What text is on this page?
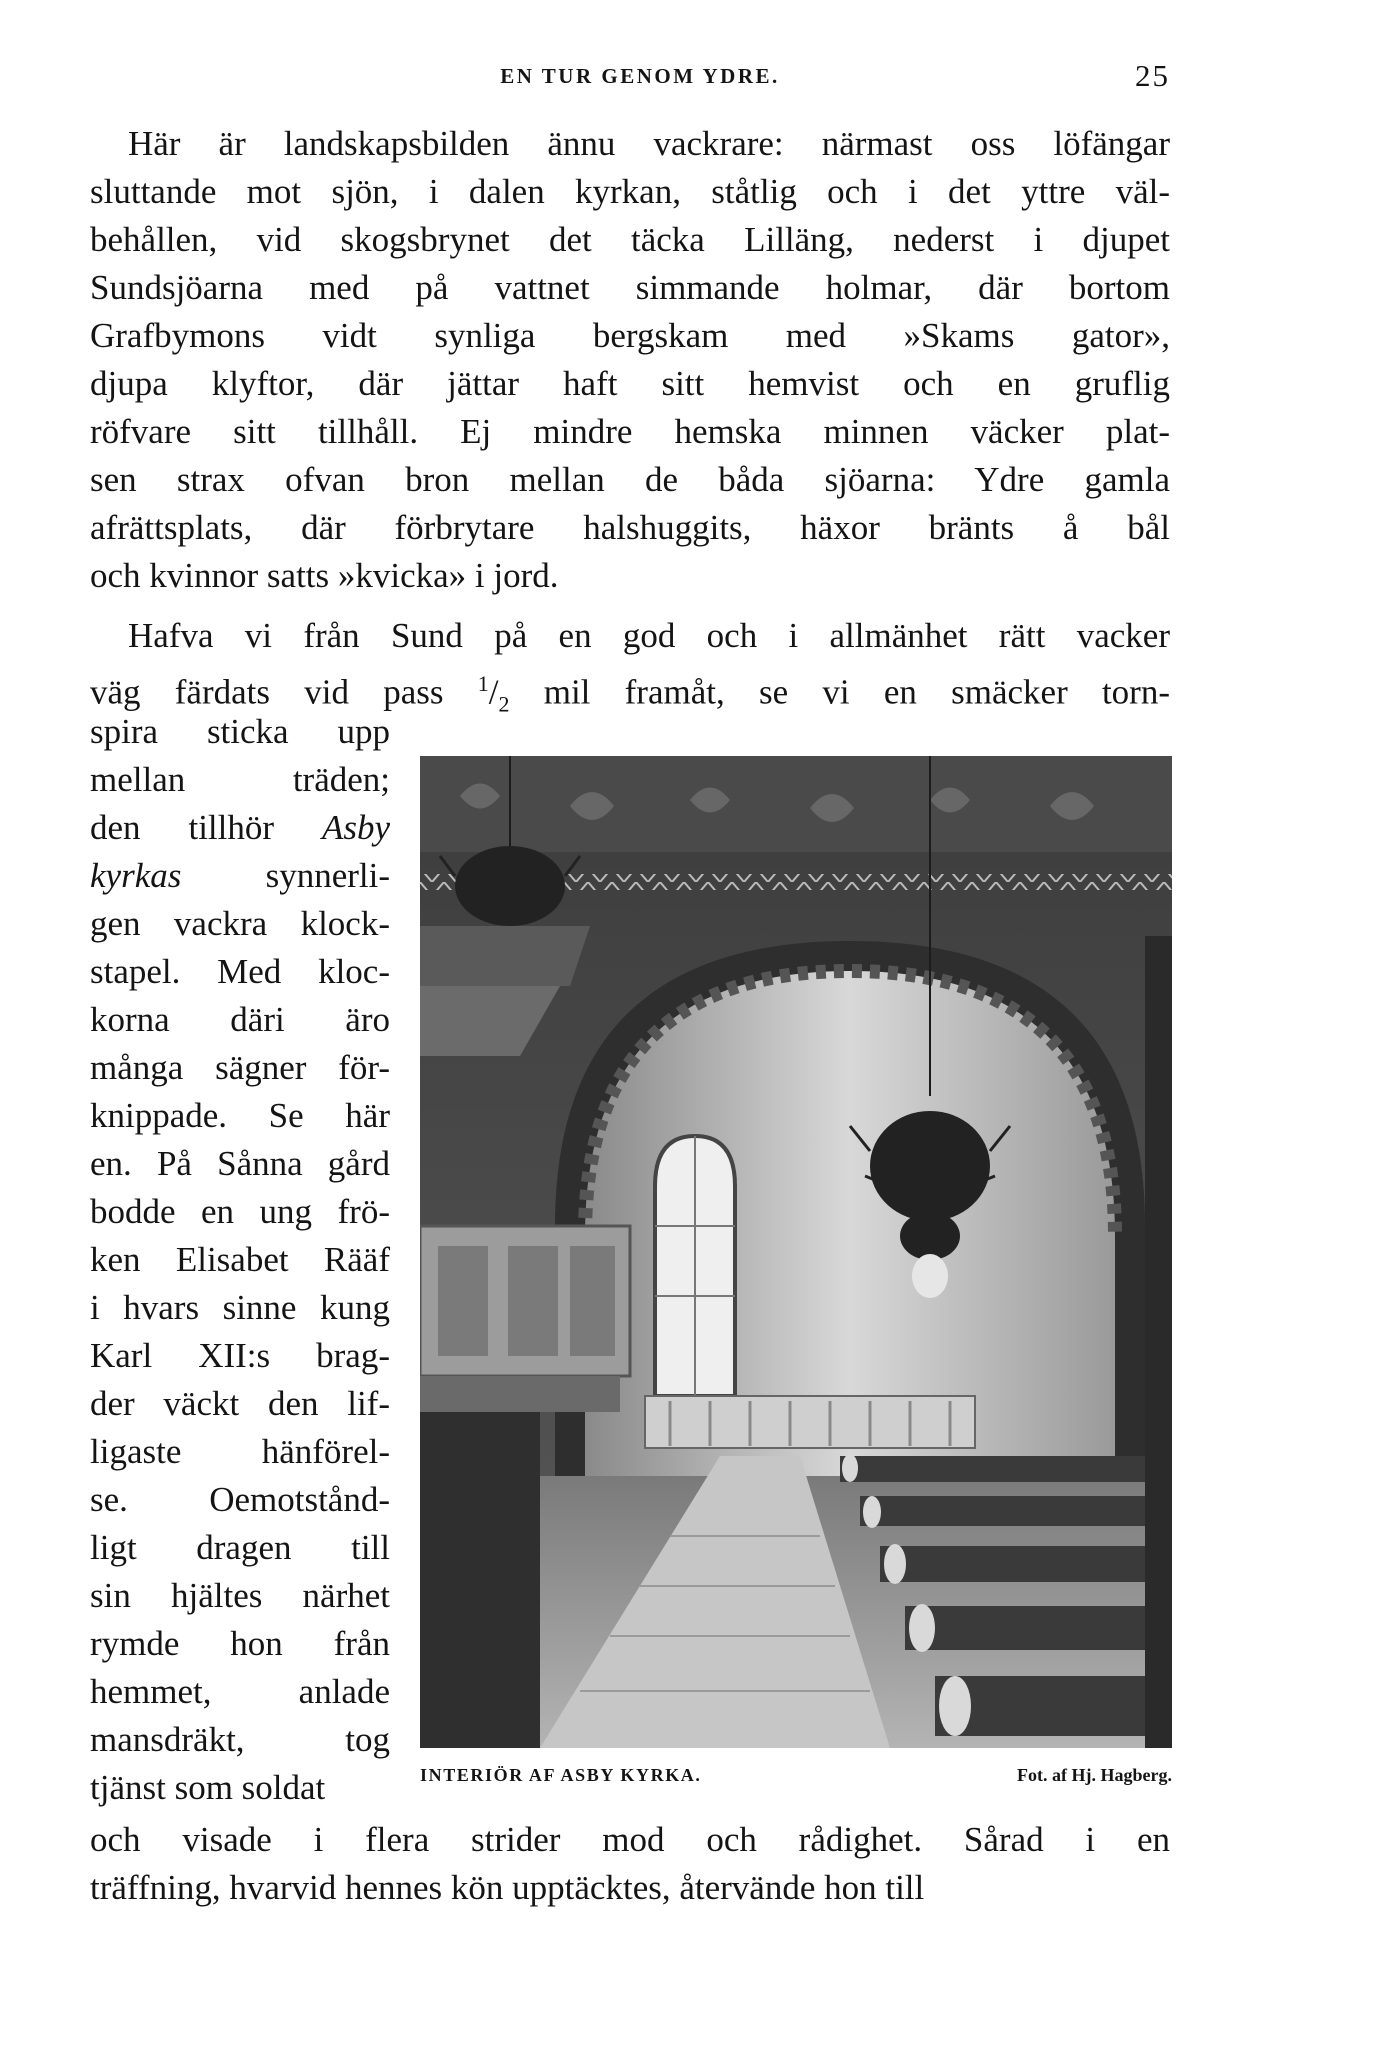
EN TUR GENOM YDRE.	25

Här är landskapsbilden ännu vackrare: närmast oss löfängar

sluttande mot sjön, i dalen kyrkan, ståtlig och i det yttre väl-

behållen, vid skogsbrynet det täcka Lilläng, nederst i djupet

Sundsjöarna med på vattnet simmande holmar, där bortom

Grafbymons vidt synliga bergskam med »Skams gator»,

djupa klyftor, där jättar haft sitt hemvist och en gruflig

röfvare sitt tillhåll. Ej mindre hemska minnen väcker plat-

sen strax ofvan bron mellan de båda sjöarna: Ydre gamla

afrättsplats, där förbrytare halshuggits, häxor bränts å bål

och kvinnor satts »kvicka» i jord.

Hafva vi från Sund på en god och i allmänhet rätt vacker

väg färdats vid pass $^1/_2$ mil framåt, se vi en smäcker torn-

spira sticka upp

mellan träden;

den tillhör Asby

kyrkas synnerli-

gen vackra klock-

stapel. Med kloc-

korna däri äro

många sägner för-

knippade. Se här

en. På Sånna gård

bodde en ung frö-

ken Elisabet Rääf

i hvars sinne kung

Karl XII:s brag-

der väckt den lif-

ligaste hänförel-

se. Oemotstånd-

ligt dragen till

sin hjältes närhet

rymde hon från

hemmet, anlade

mansdräkt, tog

tjänst som soldat

och visade i flera strider mod och rådighet. Sårad i en

träffning, hvarvid hennes kön upptäcktes, återvände hon till

INTERIÖR AF ASBY KYRKA.	Fot. af Hj. Hagberg.
